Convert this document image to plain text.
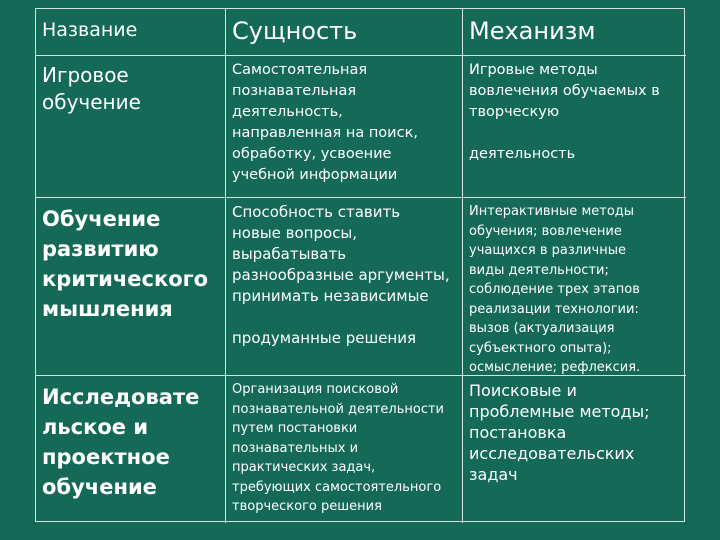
Название	Сущность	Механизм
Игровое
обучение
Самостоятельная
познавательная
деятельность,
направленная на поиск,
обработку, усвоение
учебной информации
Игровые методы
вовлечения обучаемых в
творческую

деятельность
Обучение
развитию
критического
мышления
Способность ставить
новые вопросы,
вырабатывать
разнообразные аргументы,
принимать независимые

продуманные решения
Интерактивные методы
обучения; вовлечение
учащихся в различные
виды деятельности;
соблюдение трех этапов
реализации технологии:
вызов (актуализация
субъектного опыта);
осмысление; рефлексия.
Исследовате
льское и
проектное
обучение
Организация поисковой
познавательной деятельности
путем постановки
познавательных и
практических задач,
требующих самостоятельного
творческого решения
Поисковые и
проблемные методы;
постановка
исследовательских
задач
